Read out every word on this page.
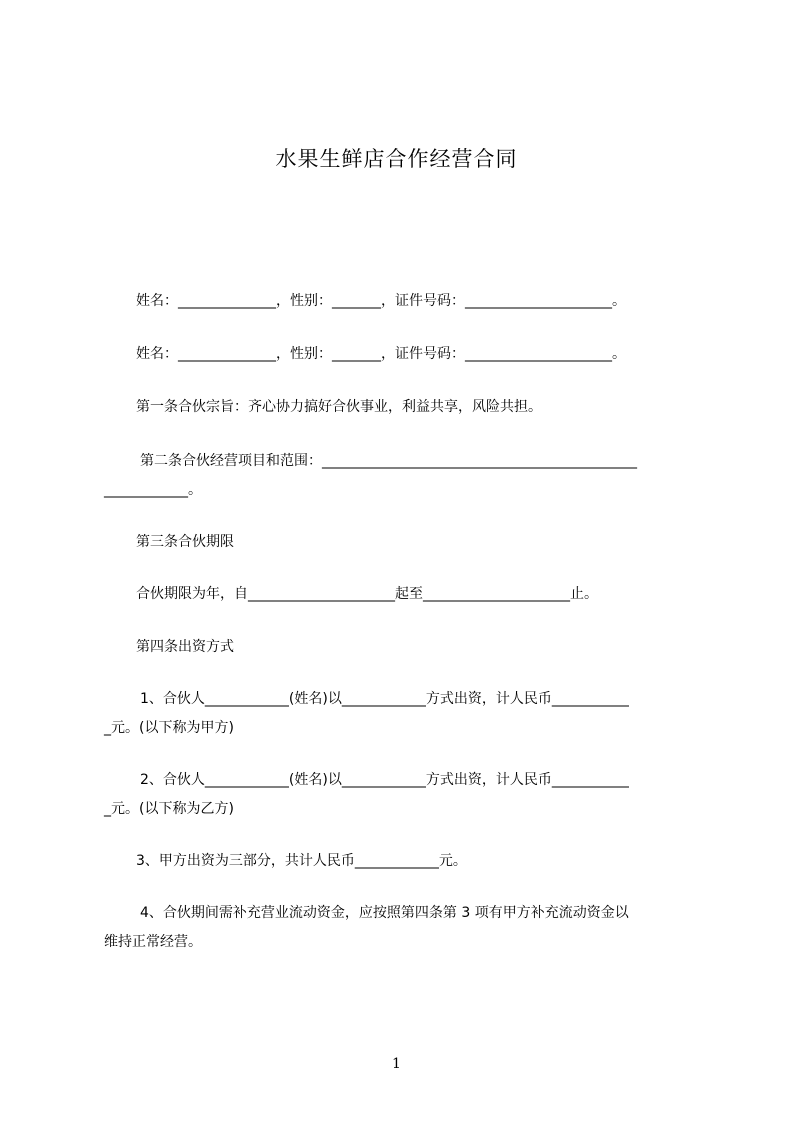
水果生鲜店合作经营合同
姓名：______________，性别：_______，证件号码：_____________________。
姓名：______________，性别：_______，证件号码：_____________________。
第一条合伙宗旨：齐心协力搞好合伙事业，利益共享，风险共担。
第二条合伙经营项目和范围：_____________________________________________
____________。
第三条合伙期限
合伙期限为年，自_____________________起至_____________________止。
第四条出资方式
1、合伙人____________(姓名)以____________方式出资，计人民币___________
_元。(以下称为甲方)
2、合伙人____________(姓名)以____________方式出资，计人民币___________
_元。(以下称为乙方)
3、甲方出资为三部分，共计人民币____________元。
4、合伙期间需补充营业流动资金，应按照第四条第 3 项有甲方补充流动资金以
维持正常经营。
1
